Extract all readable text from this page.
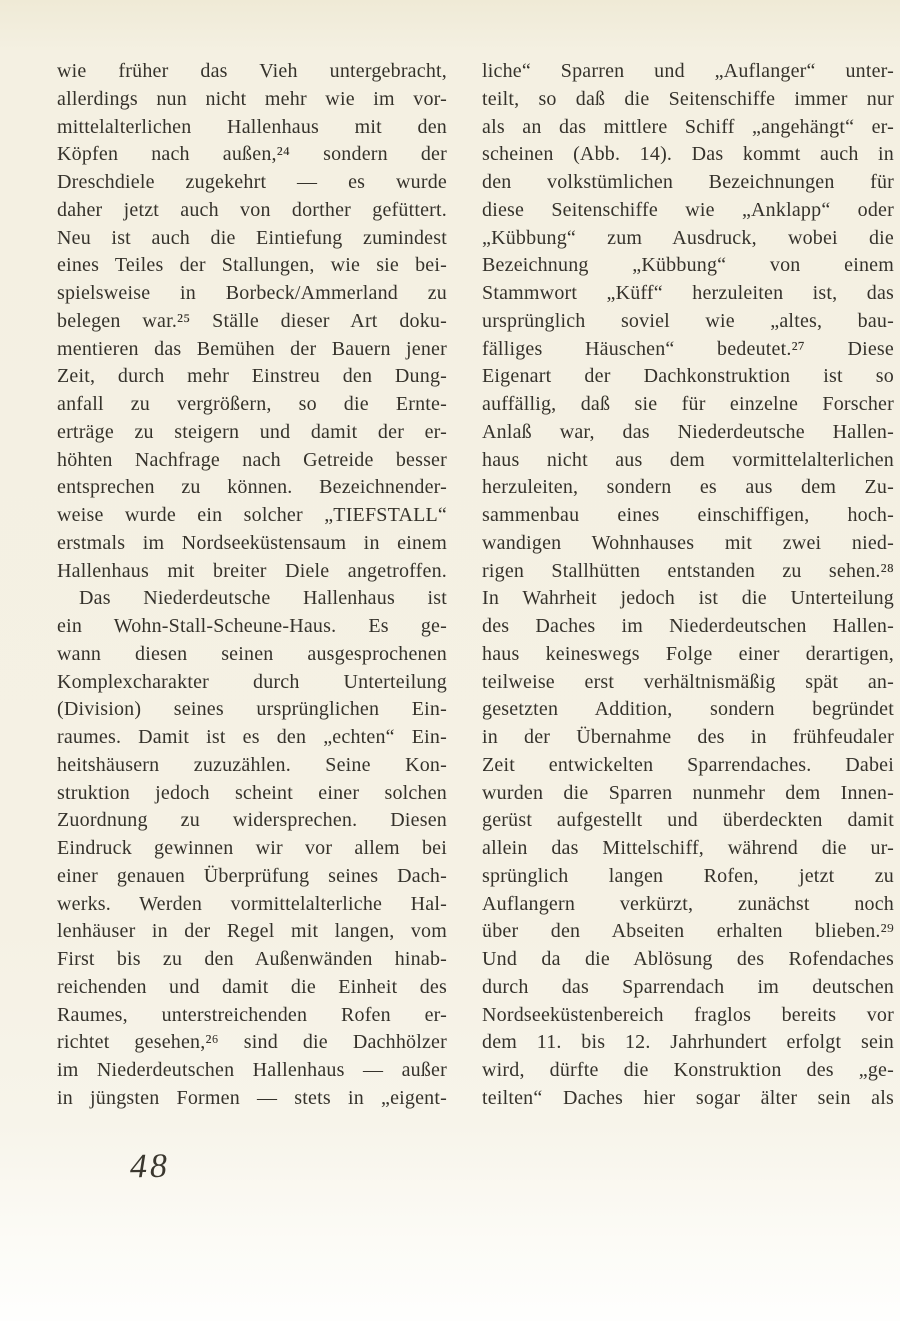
wie früher das Vieh untergebracht,
allerdings nun nicht mehr wie im vor-
mittelalterlichen Hallenhaus mit den
Köpfen nach außen,²⁴ sondern der
Dreschdiele zugekehrt — es wurde
daher jetzt auch von dorther gefüttert.
Neu ist auch die Eintiefung zumindest
eines Teiles der Stallungen, wie sie bei-
spielsweise in Borbeck/Ammerland zu
belegen war.²⁵ Ställe dieser Art doku-
mentieren das Bemühen der Bauern jener
Zeit, durch mehr Einstreu den Dung-
anfall zu vergrößern, so die Ernte-
erträge zu steigern und damit der er-
höhten Nachfrage nach Getreide besser
entsprechen zu können. Bezeichnender-
weise wurde ein solcher „TIEFSTALL“
erstmals im Nordseeküstensaum in einem
Hallenhaus mit breiter Diele angetroffen.
Das Niederdeutsche Hallenhaus ist
ein Wohn-Stall-Scheune-Haus. Es ge-
wann diesen seinen ausgesprochenen
Komplexcharakter durch Unterteilung
(Division) seines ursprünglichen Ein-
raumes. Damit ist es den „echten“ Ein-
heitshäusern zuzuzählen. Seine Kon-
struktion jedoch scheint einer solchen
Zuordnung zu widersprechen. Diesen
Eindruck gewinnen wir vor allem bei
einer genauen Überprüfung seines Dach-
werks. Werden vormittelalterliche Hal-
lenhäuser in der Regel mit langen, vom
First bis zu den Außenwänden hinab-
reichenden und damit die Einheit des
Raumes, unterstreichenden Rofen er-
richtet gesehen,²⁶ sind die Dachhölzer
im Niederdeutschen Hallenhaus — außer
in jüngsten Formen — stets in „eigent-
liche“ Sparren und „Auflanger“ unter-
teilt, so daß die Seitenschiffe immer nur
als an das mittlere Schiff „angehängt“ er-
scheinen (Abb. 14). Das kommt auch in
den volkstümlichen Bezeichnungen für
diese Seitenschiffe wie „Anklapp“ oder
„Kübbung“ zum Ausdruck, wobei die
Bezeichnung „Kübbung“ von einem
Stammwort „Küff“ herzuleiten ist, das
ursprünglich soviel wie „altes, bau-
fälliges Häuschen“ bedeutet.²⁷ Diese
Eigenart der Dachkonstruktion ist so
auffällig, daß sie für einzelne Forscher
Anlaß war, das Niederdeutsche Hallen-
haus nicht aus dem vormittelalterlichen
herzuleiten, sondern es aus dem Zu-
sammenbau eines einschiffigen, hoch-
wandigen Wohnhauses mit zwei nied-
rigen Stallhütten entstanden zu sehen.²⁸
In Wahrheit jedoch ist die Unterteilung
des Daches im Niederdeutschen Hallen-
haus keineswegs Folge einer derartigen,
teilweise erst verhältnismäßig spät an-
gesetzten Addition, sondern begründet
in der Übernahme des in frühfeudaler
Zeit entwickelten Sparrendaches. Dabei
wurden die Sparren nunmehr dem Innen-
gerüst aufgestellt und überdeckten damit
allein das Mittelschiff, während die ur-
sprünglich langen Rofen, jetzt zu
Auflangern verkürzt, zunächst noch
über den Abseiten erhalten blieben.²⁹
Und da die Ablösung des Rofendaches
durch das Sparrendach im deutschen
Nordseeküstenbereich fraglos bereits vor
dem 11. bis 12. Jahrhundert erfolgt sein
wird, dürfte die Konstruktion des „ge-
teilten“ Daches hier sogar älter sein als
48
